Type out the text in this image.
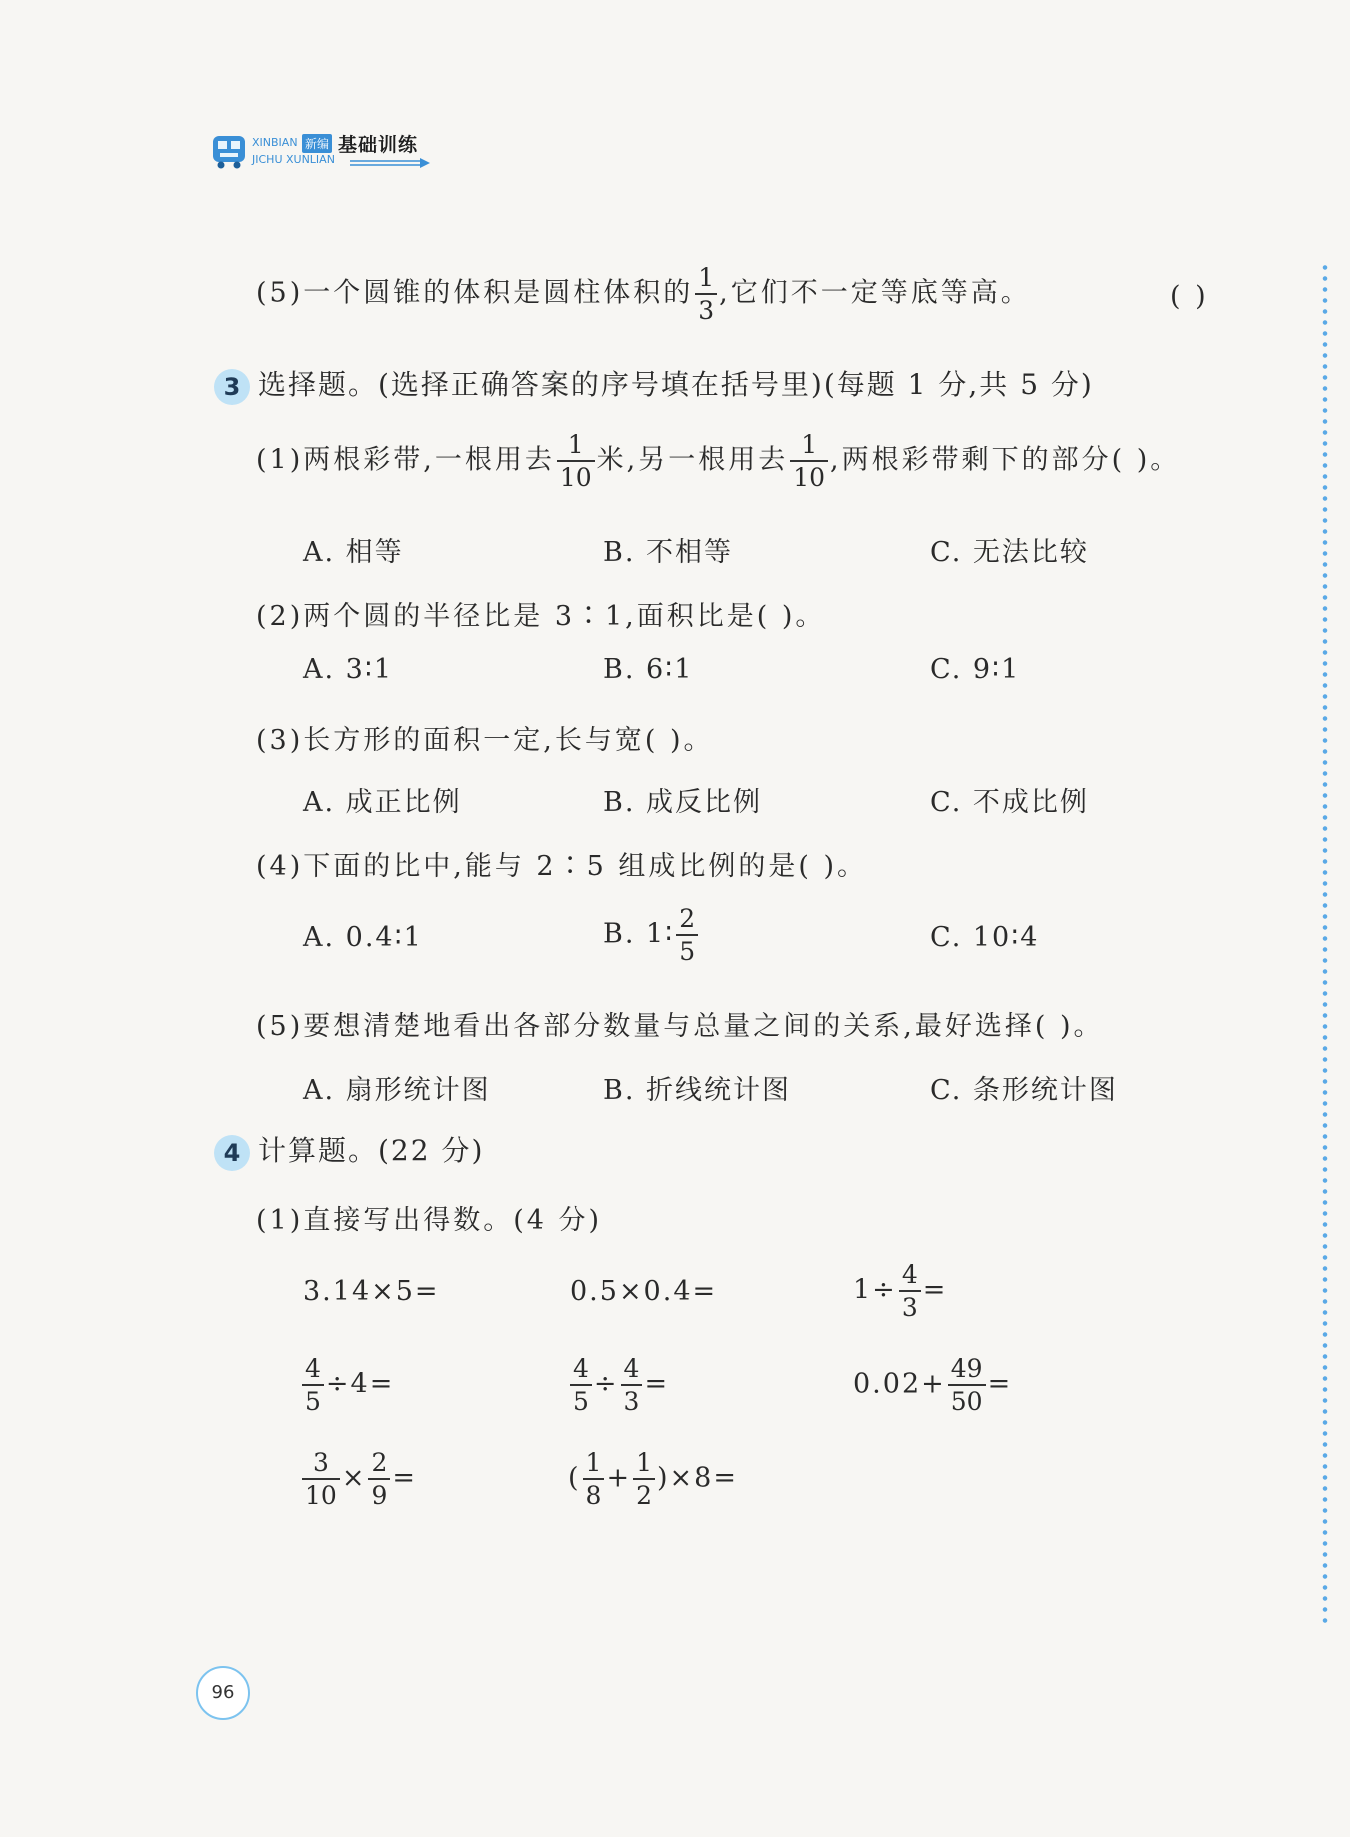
XINBIAN 新编 基础训练
JICHU XUNLIAN
(5)一个圆锥的体积是圆柱体积的 $\frac{1}{3}$ ,它们不一定等底等高。	( )
3 选择题。(选择正确答案的序号填在括号里)(每题 1 分,共 5 分)
(1)两根彩带,一根用去 $\frac{1}{10}$ 米,另一根用去 $\frac{1}{10}$ ,两根彩带剩下的部分( )。
A. 相等	B. 不相等	C. 无法比较
(2)两个圆的半径比是 3∶1,面积比是( )。
A. 3∶1	B. 6∶1	C. 9∶1
(3)长方形的面积一定,长与宽( )。
A. 成正比例	B. 成反比例	C. 不成比例
(4)下面的比中,能与 2∶5 组成比例的是( )。
A. 0.4∶1	B. 1∶ $\frac{2}{5}$	C. 10∶4
(5)要想清楚地看出各部分数量与总量之间的关系,最好选择( )。
A. 扇形统计图	B. 折线统计图	C. 条形统计图
4 计算题。(22 分)
(1)直接写出得数。(4 分)
3.14×5=	0.5×0.4=	$1\div \frac{4}{3}$ =
$\frac{4}{5} \div 4=$	$\frac{4}{5} \div \frac{4}{3}$ =	$0.02+ \frac{49}{50}$ =
$\frac{3}{10} \times \frac{2}{9}$ =	( $\frac{1}{8} + \frac{1}{2} )\times 8=$
96
